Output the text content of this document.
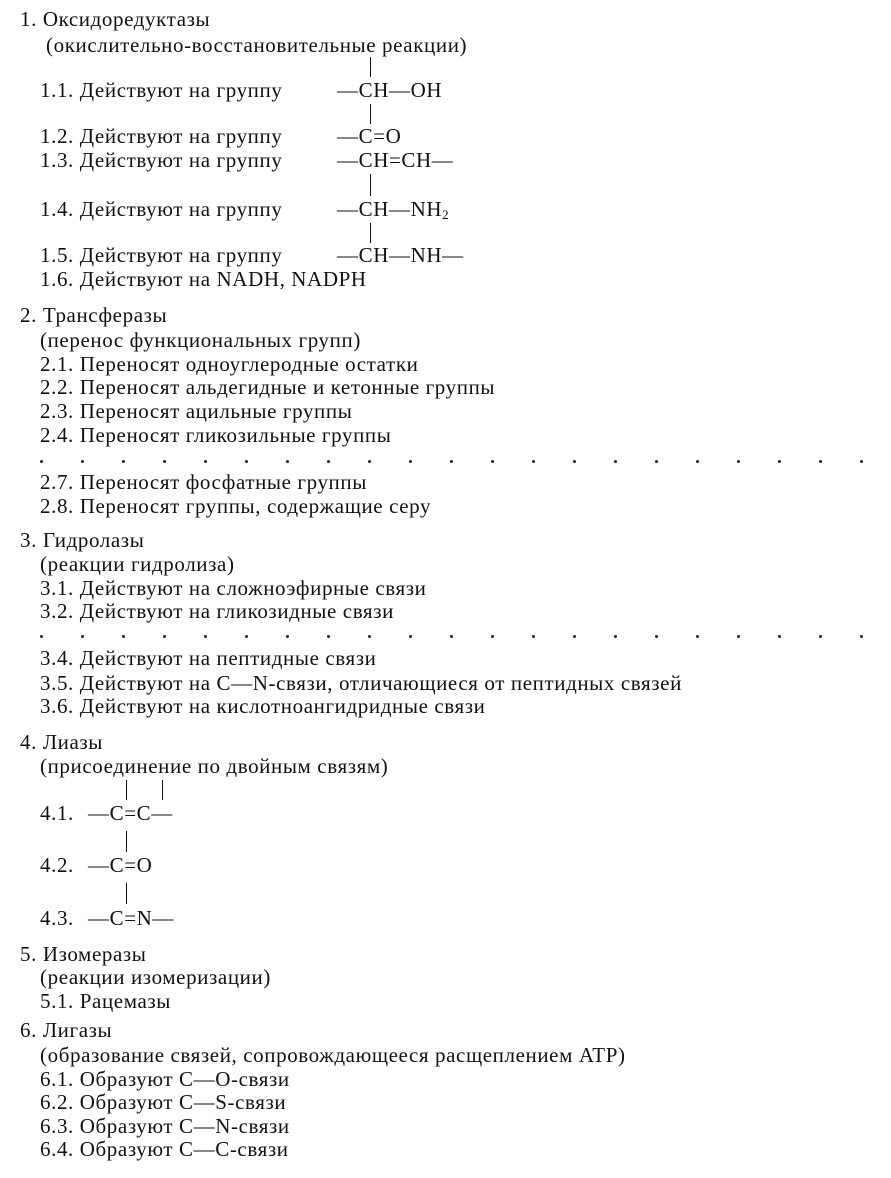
1. Оксидоредуктазы
(окислительно-восстановительные реакции)
1.1. Действуют на группу	—CH—OH
1.2. Действуют на группу	—C=O
1.3. Действуют на группу	—CH=CH—
1.4. Действуют на группу	$—CH—NH_2$
1.5. Действуют на группу	—CH—NH—
1.6. Действуют на NADH, NADPH
2. Трансферазы
(перенос функциональных групп)
2.1. Переносят одноуглеродные остатки
2.2. Переносят альдегидные и кетонные группы
2.3. Переносят ацильные группы
2.4. Переносят гликозильные группы
2.7. Переносят фосфатные группы
2.8. Переносят группы, содержащие серу
3. Гидролазы
(реакции гидролиза)
3.1. Действуют на сложноэфирные связи
3.2. Действуют на гликозидные связи
3.4. Действуют на пептидные связи
3.5. Действуют на C—N-связи, отличающиеся от пептидных связей
3.6. Действуют на кислотноангидридные связи
4. Лиазы
(присоединение по двойным связям)
4.1. —C=C—
4.2. —C=O
4.3. —C=N—
5. Изомеразы
(реакции изомеризации)
5.1. Рацемазы
6. Лигазы
(образование связей, сопровождающееся расщеплением ATP)
6.1. Образуют C—O-связи
6.2. Образуют C—S-связи
6.3. Образуют C—N-связи
6.4. Образуют C—C-связи
